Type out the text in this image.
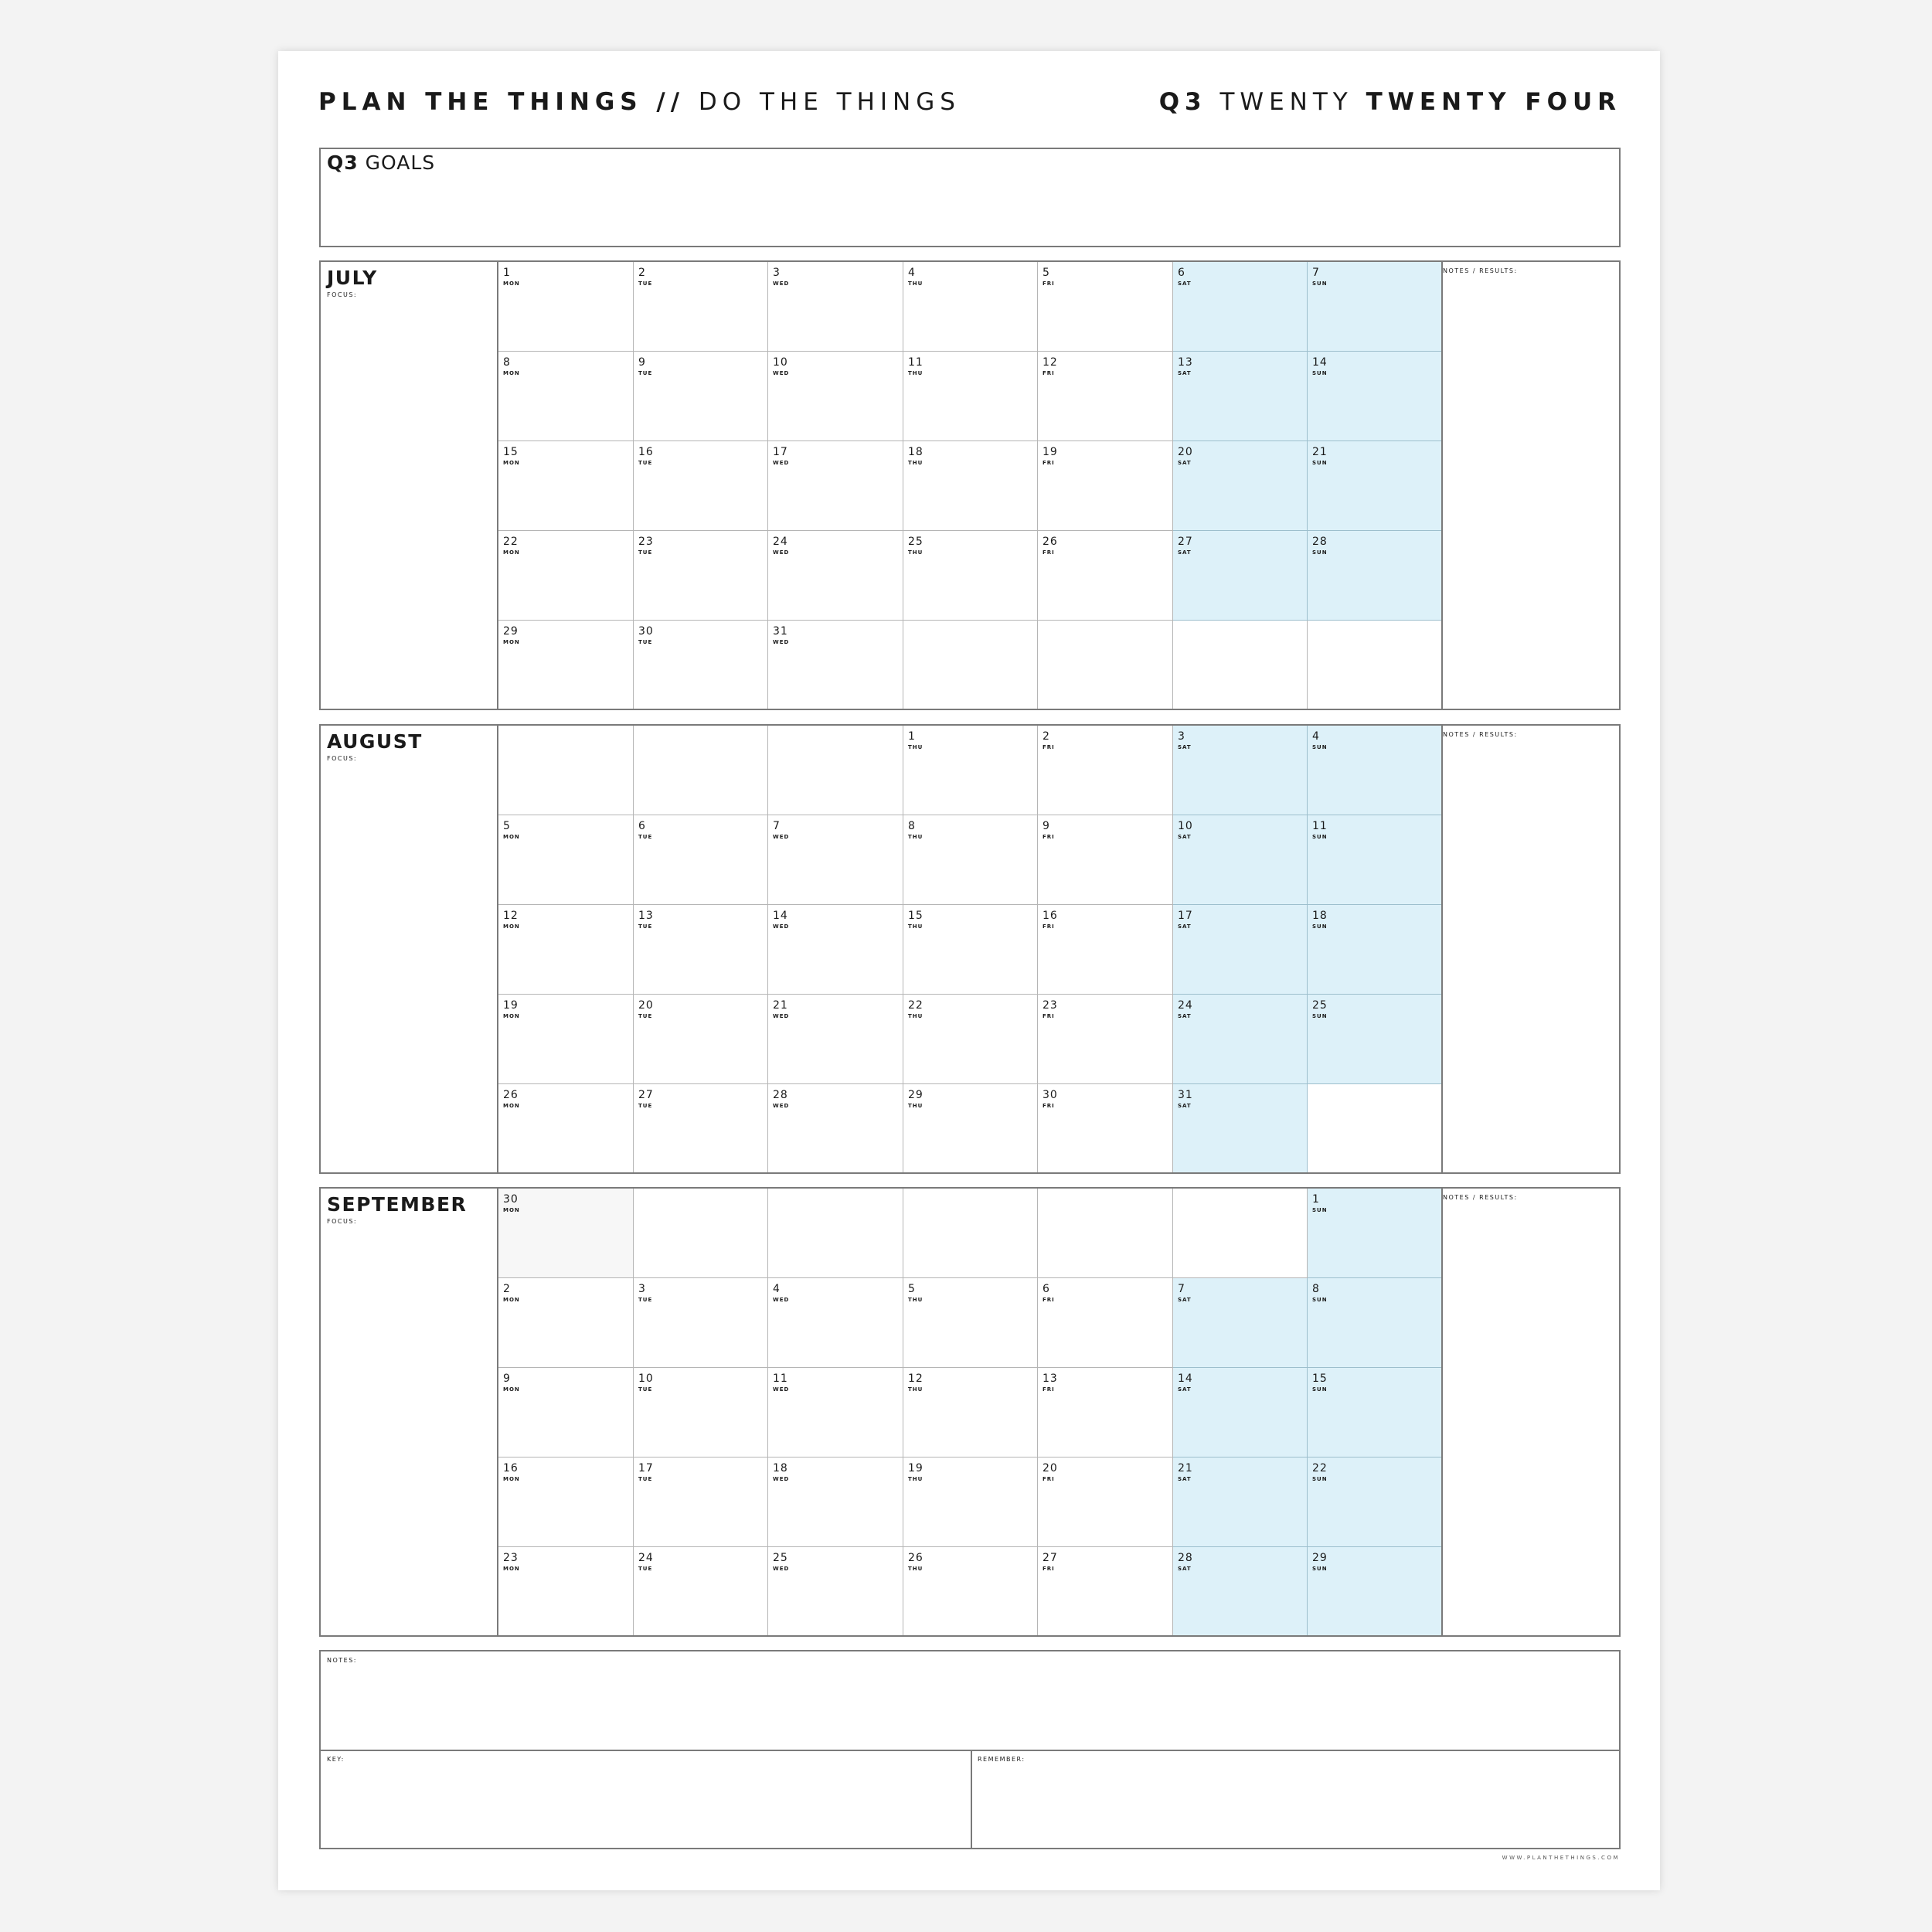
PLAN THE THINGS // DO THE THINGS	Q3 TWENTY TWENTY FOUR
Q3 GOALS
JULY
FOCUS:
1
MON
2
TUE
3
WED
4
THU
5
FRI
6
SAT
7
SUN
8
MON
9
TUE
10
WED
11
THU
12
FRI
13
SAT
14
SUN
15
MON
16
TUE
17
WED
18
THU
19
FRI
20
SAT
21
SUN
22
MON
23
TUE
24
WED
25
THU
26
FRI
27
SAT
28
SUN
29
MON
30
TUE
31
WED
NOTES / RESULTS:
AUGUST
FOCUS:
1
THU
2
FRI
3
SAT
4
SUN
5
MON
6
TUE
7
WED
8
THU
9
FRI
10
SAT
11
SUN
12
MON
13
TUE
14
WED
15
THU
16
FRI
17
SAT
18
SUN
19
MON
20
TUE
21
WED
22
THU
23
FRI
24
SAT
25
SUN
26
MON
27
TUE
28
WED
29
THU
30
FRI
31
SAT
NOTES / RESULTS:
SEPTEMBER
FOCUS:
30
MON
1
SUN
2
MON
3
TUE
4
WED
5
THU
6
FRI
7
SAT
8
SUN
9
MON
10
TUE
11
WED
12
THU
13
FRI
14
SAT
15
SUN
16
MON
17
TUE
18
WED
19
THU
20
FRI
21
SAT
22
SUN
23
MON
24
TUE
25
WED
26
THU
27
FRI
28
SAT
29
SUN
NOTES / RESULTS:
NOTES:
KEY:	REMEMBER:
WWW.PLANTHETHINGS.COM
